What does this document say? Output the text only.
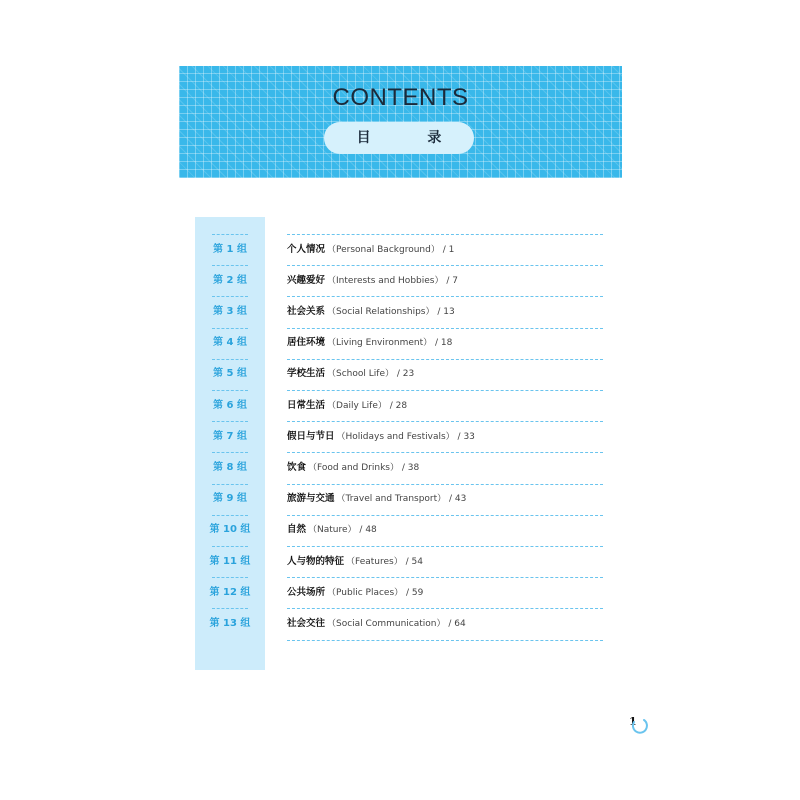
CONTENTS
目 录
第 1 组
第 2 组
第 3 组
第 4 组
第 5 组
第 6 组
第 7 组
第 8 组
第 9 组
第 10 组
第 11 组
第 12 组
第 13 组
个人情况 （Personal Background） / 1
兴趣爱好 （Interests and Hobbies） / 7
社会关系 （Social Relationships） / 13
居住环境 （Living Environment） / 18
学校生活 （School Life） / 23
日常生活 （Daily Life） / 28
假日与节日 （Holidays and Festivals） / 33
饮食 （Food and Drinks） / 38
旅游与交通 （Travel and Transport） / 43
自然 （Nature） / 48
人与物的特征 （Features） / 54
公共场所 （Public Places） / 59
社会交往 （Social Communication） / 64
1
